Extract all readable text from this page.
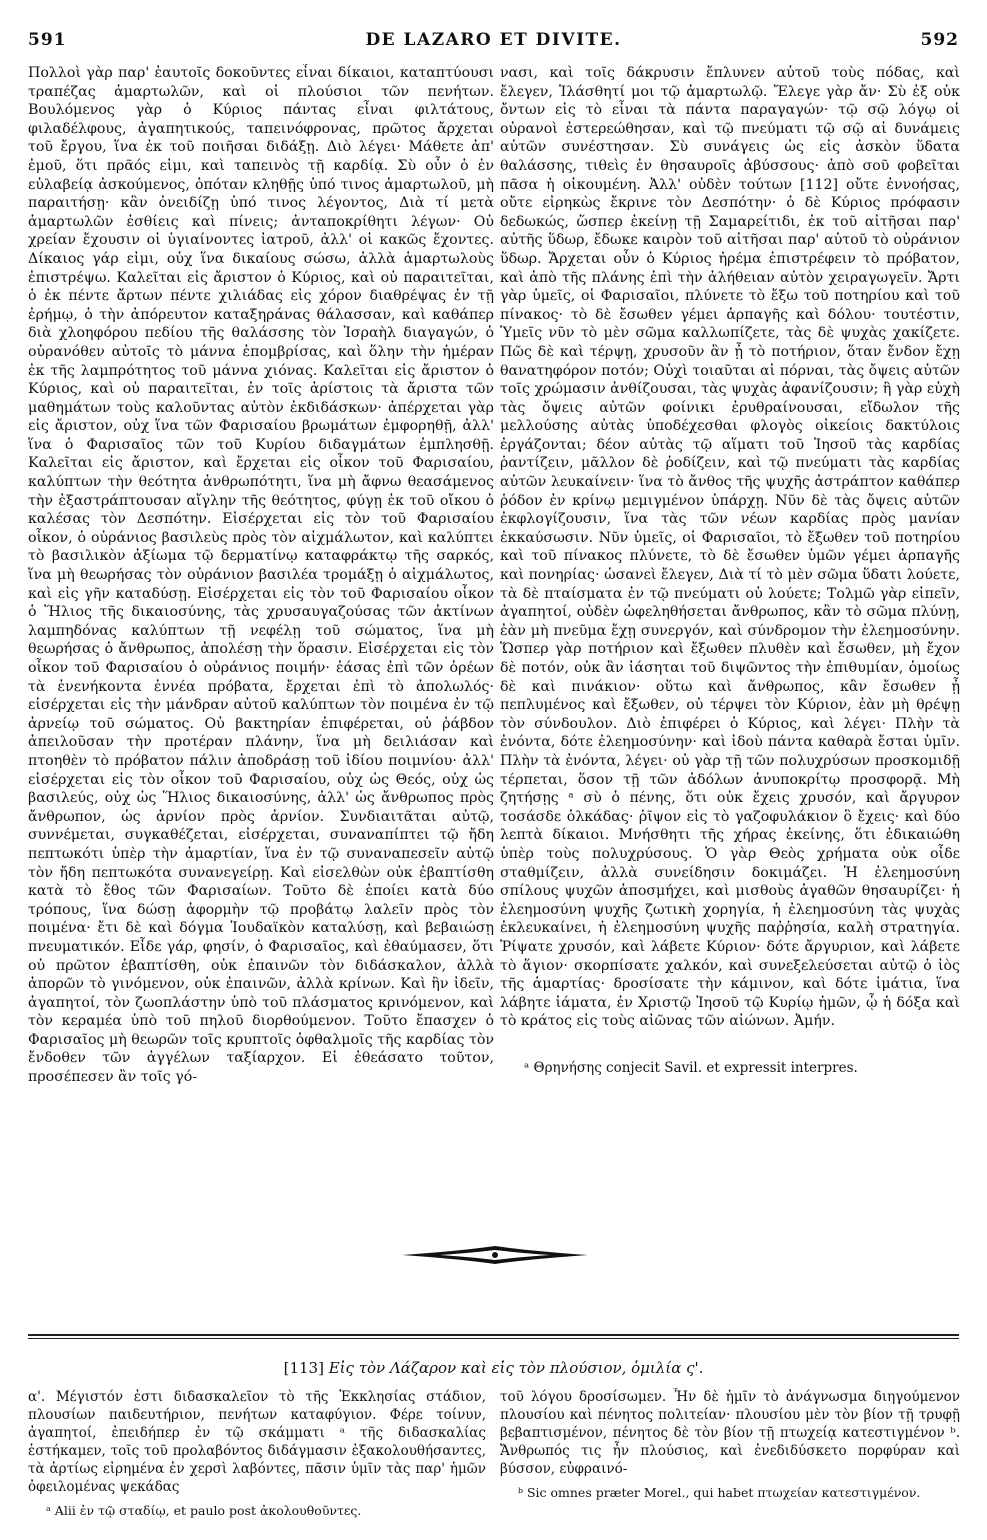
591	DE LAZARO ET DIVITE.	592

Πολλοὶ γὰρ παρ' ἑαυτοῖς δοκοῦντες εἶναι δίκαιοι, καταπτύουσι τραπέζας ἁμαρτωλῶν, καὶ οἱ πλούσιοι τῶν πενήτων. Βουλόμενος γὰρ ὁ Κύριος πάντας εἶναι φιλτάτους, φιλαδέλφους, ἀγαπητικούς, ταπεινόφρονας, πρῶτος ἄρχεται τοῦ ἔργου, ἵνα ἐκ τοῦ ποιῆσαι διδάξῃ. Διὸ λέγει· Μάθετε ἀπ' ἐμοῦ, ὅτι πρᾶός εἰμι, καὶ ταπεινὸς τῇ καρδίᾳ. Σὺ οὖν ὁ ἐν εὐλαβείᾳ ἀσκούμενος, ὁπόταν κληθῇς ὑπό τινος ἁμαρτωλοῦ, μὴ παραιτήσῃ· κἂν ὀνειδίζῃ ὑπό τινος λέγοντος, Διὰ τί μετὰ ἁμαρτωλῶν ἐσθίεις καὶ πίνεις; ἀνταποκρίθητι λέγων· Οὐ χρείαν ἔχουσιν οἱ ὑγιαίνοντες ἰατροῦ, ἀλλ' οἱ κακῶς ἔχοντες. Δίκαιος γάρ εἰμι, οὐχ ἵνα δικαίους σώσω, ἀλλὰ ἁμαρτωλοὺς ἐπιστρέψω. Καλεῖται εἰς ἄριστον ὁ Κύριος, καὶ οὐ παραιτεῖται, ὁ ἐκ πέντε ἄρτων πέντε χιλιάδας εἰς χόρον διαθρέψας ἐν τῇ ἐρήμῳ, ὁ τὴν ἀπόρευτον καταξηράνας θάλασσαν, καὶ καθάπερ διὰ χλοηφόρου πεδίου τῆς θαλάσσης τὸν Ἰσραὴλ διαγαγών, ὁ οὐρανόθεν αὐτοῖς τὸ μάννα ἐπομβρίσας, καὶ ὅλην τὴν ἡμέραν ἐκ τῆς λαμπρότητος τοῦ μάννα χιόνας. Καλεῖται εἰς ἄριστον ὁ Κύριος, καὶ οὐ παραιτεῖται, ἐν τοῖς ἀρίστοις τὰ ἄριστα τῶν μαθημάτων τοὺς καλοῦντας αὐτὸν ἐκδιδάσκων· ἀπέρχεται γὰρ εἰς ἄριστον, οὐχ ἵνα τῶν Φαρισαίου βρωμάτων ἐμφορηθῇ, ἀλλ' ἵνα ὁ Φαρισαῖος τῶν τοῦ Κυρίου διδαγμάτων ἐμπλησθῇ. Καλεῖται εἰς ἄριστον, καὶ ἔρχεται εἰς οἶκον τοῦ Φαρισαίου, καλύπτων τὴν θεότητα ἀνθρωπότητι, ἵνα μὴ ἄφνω θεασάμενος τὴν ἐξαστράπτουσαν αἴγλην τῆς θεότητος, φύγῃ ἐκ τοῦ οἴκου ὁ καλέσας τὸν Δεσπότην. Εἰσέρχεται εἰς τὸν τοῦ Φαρισαίου οἶκον, ὁ οὐράνιος βασιλεὺς πρὸς τὸν αἰχμάλωτον, καὶ καλύπτει τὸ βασιλικὸν ἀξίωμα τῷ δερματίνῳ καταφράκτῳ τῆς σαρκός, ἵνα μὴ θεωρήσας τὸν οὐράνιον βασιλέα τρομάξῃ ὁ αἰχμάλωτος, καὶ εἰς γῆν καταδύσῃ. Εἰσέρχεται εἰς τὸν τοῦ Φαρισαίου οἶκον ὁ Ἥλιος τῆς δικαιοσύνης, τὰς χρυσαυγαζούσας τῶν ἀκτίνων λαμπηδόνας καλύπτων τῇ νεφέλῃ τοῦ σώματος, ἵνα μὴ θεωρήσας ὁ ἄνθρωπος, ἀπολέσῃ τὴν ὅρασιν. Εἰσέρχεται εἰς τὸν οἶκον τοῦ Φαρισαίου ὁ οὐράνιος ποιμήν· ἐάσας ἐπὶ τῶν ὀρέων τὰ ἐνενήκοντα ἐννέα πρόβατα, ἔρχεται ἐπὶ τὸ ἀπολωλός· εἰσέρχεται εἰς τὴν μάνδραν αὐτοῦ καλύπτων τὸν ποιμένα ἐν τῷ ἀρνείῳ τοῦ σώματος. Οὐ βακτηρίαν ἐπιφέρεται, οὐ ῥάβδον ἀπειλοῦσαν τὴν προτέραν πλάνην, ἵνα μὴ δειλιάσαν καὶ πτοηθὲν τὸ πρόβατον πάλιν ἀποδράσῃ τοῦ ἰδίου ποιμνίου· ἀλλ' εἰσέρχεται εἰς τὸν οἶκον τοῦ Φαρισαίου, οὐχ ὡς Θεός, οὐχ ὡς βασιλεύς, οὐχ ὡς Ἥλιος δικαιοσύνης, ἀλλ' ὡς ἄνθρωπος πρὸς ἄνθρωπον, ὡς ἀρνίον πρὸς ἀρνίον. Συνδιαιτᾶται αὐτῷ, συννέμεται, συγκαθέζεται, εἰσέρχεται, συναναπίπτει τῷ ἤδη πεπτωκότι ὑπὲρ τὴν ἁμαρτίαν, ἵνα ἐν τῷ συναναπεσεῖν αὐτῷ τὸν ἤδη πεπτωκότα συνανεγείρῃ. Καὶ εἰσελθὼν οὐκ ἐβαπτίσθη κατὰ τὸ ἔθος τῶν Φαρισαίων. Τοῦτο δὲ ἐποίει κατὰ δύο τρόπους, ἵνα δώσῃ ἀφορμὴν τῷ προβάτῳ λαλεῖν πρὸς τὸν ποιμένα· ἔτι δὲ καὶ δόγμα Ἰουδαϊκὸν καταλύσῃ, καὶ βεβαιώσῃ πνευματικόν. Εἶδε γάρ, φησίν, ὁ Φαρισαῖος, καὶ ἐθαύμασεν, ὅτι οὐ πρῶτον ἐβαπτίσθη, οὐκ ἐπαινῶν τὸν διδάσκαλον, ἀλλὰ ἀπορῶν τὸ γινόμενον, οὐκ ἐπαινῶν, ἀλλὰ κρίνων. Καὶ ἢν ἰδεῖν, ἀγαπητοί, τὸν ζωοπλάστην ὑπὸ τοῦ πλάσματος κρινόμενον, καὶ τὸν κεραμέα ὑπὸ τοῦ πηλοῦ διορθούμενον. Τοῦτο ἔπασχεν ὁ Φαρισαῖος μὴ θεωρῶν τοῖς κρυπτοῖς ὀφθαλμοῖς τῆς καρδίας τὸν ἔνδοθεν τῶν ἀγγέλων ταξίαρχον. Εἰ ἐθεάσατο τοῦτον, προσέπεσεν ἂν τοῖς γό-

νασι, καὶ τοῖς δάκρυσιν ἔπλυνεν αὐτοῦ τοὺς πόδας, καὶ ἔλεγεν, Ἱλάσθητί μοι τῷ ἁμαρτωλῷ. Ἔλεγε γὰρ ἄν· Σὺ ἐξ οὐκ ὄντων εἰς τὸ εἶναι τὰ πάντα παραγαγών· τῷ σῷ λόγῳ οἱ οὐρανοὶ ἐστερεώθησαν, καὶ τῷ πνεύματι τῷ σῷ αἱ δυνάμεις αὐτῶν συνέστησαν. Σὺ συνάγεις ὡς εἰς ἀσκὸν ὕδατα θαλάσσης, τιθεὶς ἐν θησαυροῖς ἀβύσσους· ἀπὸ σοῦ φοβεῖται πᾶσα ἡ οἰκουμένη. Ἀλλ' οὐδὲν τούτων [112] οὔτε ἐννοήσας, οὔτε εἰρηκὼς ἔκρινε τὸν Δεσπότην· ὁ δὲ Κύριος πρόφασιν δεδωκώς, ὥσπερ ἐκείνῃ τῇ Σαμαρείτιδι, ἐκ τοῦ αἰτῆσαι παρ' αὐτῆς ὕδωρ, ἔδωκε καιρὸν τοῦ αἰτῆσαι παρ' αὐτοῦ τὸ οὐράνιον ὕδωρ. Ἄρχεται οὖν ὁ Κύριος ἠρέμα ἐπιστρέφειν τὸ πρόβατον, καὶ ἀπὸ τῆς πλάνης ἐπὶ τὴν ἀλήθειαν αὐτὸν χειραγωγεῖν. Ἄρτι γὰρ ὑμεῖς, οἱ Φαρισαῖοι, πλύνετε τὸ ἔξω τοῦ ποτηρίου καὶ τοῦ πίνακος· τὸ δὲ ἔσωθεν γέμει ἁρπαγῆς καὶ δόλου· τουτέστιν, Ὑμεῖς νῦν τὸ μὲν σῶμα καλλωπίζετε, τὰς δὲ ψυχὰς χακίζετε. Πῶς δὲ καὶ τέρψῃ, χρυσοῦν ἂν ᾖ τὸ ποτήριον, ὅταν ἔνδον ἔχῃ θανατηφόρον ποτόν; Οὐχὶ τοιαῦται αἱ πόρναι, τὰς ὄψεις αὐτῶν τοῖς χρώμασιν ἀνθίζουσαι, τὰς ψυχὰς ἀφανίζουσιν; ἢ γὰρ εὐχὴ τὰς ὄψεις αὐτῶν φοίνικι ἐρυθραίνουσαι, εἴδωλον τῆς μελλούσης αὐτὰς ὑποδέχεσθαι φλογὸς οἰκείοις δακτύλοις ἐργάζονται; δέον αὐτὰς τῷ αἵματι τοῦ Ἰησοῦ τὰς καρδίας ῥαντίζειν, μᾶλλον δὲ ῥοδίζειν, καὶ τῷ πνεύματι τὰς καρδίας αὐτῶν λευκαίνειν· ἵνα τὸ ἄνθος τῆς ψυχῆς ἀστράπτον καθάπερ ῥόδον ἐν κρίνῳ μεμιγμένον ὑπάρχῃ. Νῦν δὲ τὰς ὄψεις αὐτῶν ἐκφλογίζουσιν, ἵνα τὰς τῶν νέων καρδίας πρὸς μανίαν ἐκκαύσωσιν. Νῦν ὑμεῖς, οἱ Φαρισαῖοι, τὸ ἔξωθεν τοῦ ποτηρίου καὶ τοῦ πίνακος πλύνετε, τὸ δὲ ἔσωθεν ὑμῶν γέμει ἁρπαγῆς καὶ πονηρίας· ὡσανεὶ ἔλεγεν, Διὰ τί τὸ μὲν σῶμα ὕδατι λούετε, τὰ δὲ πταίσματα ἐν τῷ πνεύματι οὐ λούετε; Τολμῶ γὰρ εἰπεῖν, ἀγαπητοί, οὐδὲν ὠφεληθήσεται ἄνθρωπος, κἂν τὸ σῶμα πλύνῃ, ἐὰν μὴ πνεῦμα ἔχῃ συνεργόν, καὶ σύνδρομον τὴν ἐλεημοσύνην. Ὥσπερ γὰρ ποτήριον καὶ ἔξωθεν πλυθὲν καὶ ἔσωθεν, μὴ ἔχον δὲ ποτόν, οὐκ ἂν ἰάσηται τοῦ διψῶντος τὴν ἐπιθυμίαν, ὁμοίως δὲ καὶ πινάκιον· οὕτω καὶ ἄνθρωπος, κἂν ἔσωθεν ᾖ πεπλυμένος καὶ ἔξωθεν, οὐ τέρψει τὸν Κύριον, ἐὰν μὴ θρέψῃ τὸν σύνδουλον. Διὸ ἐπιφέρει ὁ Κύριος, καὶ λέγει· Πλὴν τὰ ἐνόντα, δότε ἐλεημοσύνην· καὶ ἰδοὺ πάντα καθαρὰ ἔσται ὑμῖν. Πλὴν τὰ ἐνόντα, λέγει· οὐ γὰρ τῇ τῶν πολυχρύσων προσκομιδῇ τέρπεται, ὅσον τῇ τῶν ἀδόλων ἀνυποκρίτῳ προσφορᾷ. Μὴ ζητήσῃς ᵃ σὺ ὁ πένης, ὅτι οὐκ ἔχεις χρυσόν, καὶ ἄργυρον τοσάσδε ὁλκάδας· ῥῖψον εἰς τὸ γαζοφυλάκιον ὃ ἔχεις· καὶ δύο λεπτὰ δίκαιοι. Μνήσθητι τῆς χήρας ἐκείνης, ὅτι ἐδικαιώθη ὑπὲρ τοὺς πολυχρύσους. Ὁ γὰρ Θεὸς χρήματα οὐκ οἶδε σταθμίζειν, ἀλλὰ συνείδησιν δοκιμάζει. Ἡ ἐλεημοσύνη σπίλους ψυχῶν ἀποσμήχει, καὶ μισθοὺς ἀγαθῶν θησαυρίζει· ἡ ἐλεημοσύνη ψυχῆς ζωτικὴ χορηγία, ἡ ἐλεημοσύνη τὰς ψυχὰς ἐκλευκαίνει, ἡ ἐλεημοσύνη ψυχῆς παῤῥησία, καλὴ στρατηγία. Ῥίψατε χρυσόν, καὶ λάβετε Κύριον· δότε ἄργυριον, καὶ λάβετε τὸ ἅγιον· σκορπίσατε χαλκόν, καὶ συνεξελεύσεται αὐτῷ ὁ ἰὸς τῆς ἁμαρτίας· δροσίσατε τὴν κάμινον, καὶ δότε ἱμάτια, ἵνα λάβητε ἰάματα, ἐν Χριστῷ Ἰησοῦ τῷ Κυρίῳ ἡμῶν, ᾧ ἡ δόξα καὶ τὸ κράτος εἰς τοὺς αἰῶνας τῶν αἰώνων. Ἀμήν.

ᵃ Θρηνήσης conjecit Savil. et expressit interpres.

[113] Εἰς τὸν Λάζαρον καὶ εἰς τὸν πλούσιον, ὁμιλία ς'.

α'. Μέγιστόν ἐστι διδασκαλεῖον τὸ τῆς Ἐκκλησίας στάδιον, πλουσίων παιδευτήριον, πενήτων καταφύγιον. Φέρε τοίνυν, ἀγαπητοί, ἐπειδήπερ ἐν τῷ σκάμματι ᵃ τῆς διδασκαλίας ἑστήκαμεν, τοῖς τοῦ προλαβόντος διδάγμασιν ἐξακολουθήσαντες, τὰ ἀρτίως εἰρημένα ἐν χερσὶ λαβόντες, πᾶσιν ὑμῖν τὰς παρ' ἡμῶν ὀφειλομένας ψεκάδας

ᵃ Alii ἐν τῷ σταδίῳ, et paulo post ἀκολουθοῦντες.

τοῦ λόγου δροσίσωμεν. Ἦν δὲ ἡμῖν τὸ ἀνάγνωσμα διηγούμενον πλουσίου καὶ πένητος πολιτείαν· πλουσίου μὲν τὸν βίον τῇ τρυφῇ βεβαπτισμένον, πένητος δὲ τὸν βίον τῇ πτωχείᾳ κατεστιγμένον ᵇ. Ἄνθρωπός τις ἦν πλούσιος, καὶ ἐνεδιδύσκετο πορφύραν καὶ βύσσον, εὐφραινό-

ᵇ Sic omnes præter Morel., qui habet πτωχείαν κατεστιγμένον.
